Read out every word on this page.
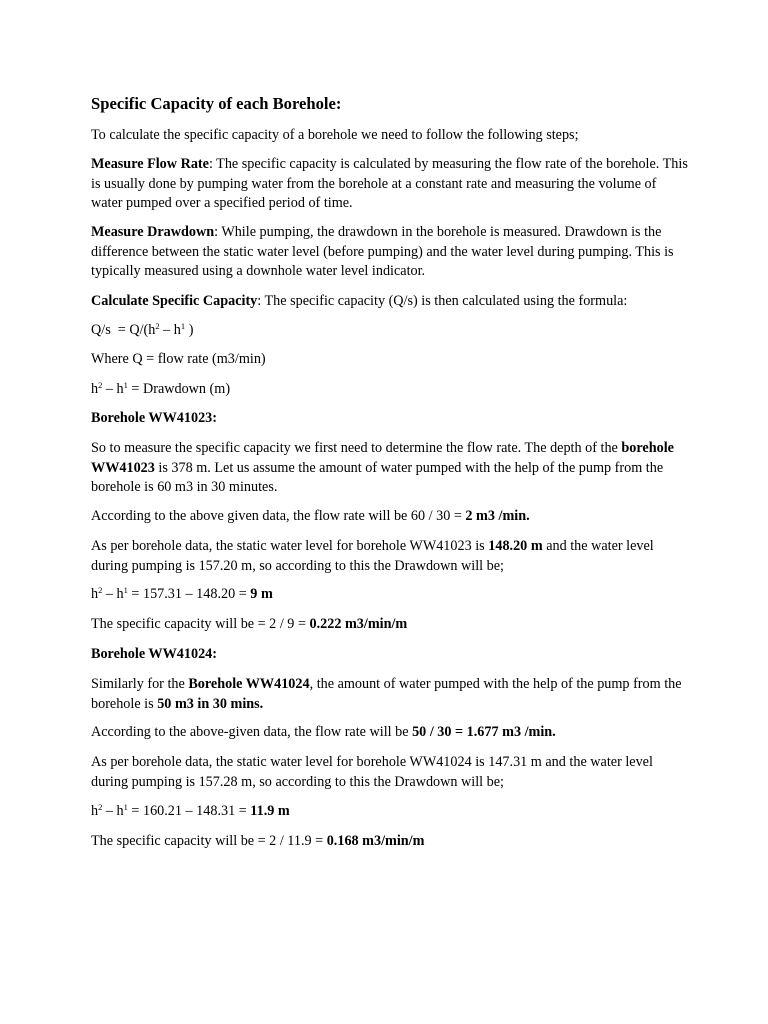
Specific Capacity of each Borehole:

To calculate the specific capacity of a borehole we need to follow the following steps;

Measure Flow Rate: The specific capacity is calculated by measuring the flow rate of the borehole. This is usually done by pumping water from the borehole at a constant rate and measuring the volume of water pumped over a specified period of time.

Measure Drawdown: While pumping, the drawdown in the borehole is measured. Drawdown is the difference between the static water level (before pumping) and the water level during pumping. This is typically measured using a downhole water level indicator.

Calculate Specific Capacity: The specific capacity (Q/s) is then calculated using the formula:

$Q/s = Q/(h^2 - h^1$ )

Where Q = flow rate (m3/min)

$h^2 - h^1$ = Drawdown (m)

Borehole WW41023:

So to measure the specific capacity we first need to determine the flow rate. The depth of the borehole WW41023 is 378 m. Let us assume the amount of water pumped with the help of the pump from the borehole is 60 m3 in 30 minutes.

According to the above given data, the flow rate will be 60 / 30 = 2 m3 /min.

As per borehole data, the static water level for borehole WW41023 is 148.20 m and the water level during pumping is 157.20 m, so according to this the Drawdown will be;

$h^2 - h^1 = 157.31 - 148.20 = 9$ m

The specific capacity will be = 2 / 9 = 0.222 m3/min/m

Borehole WW41024:

Similarly for the Borehole WW41024, the amount of water pumped with the help of the pump from the borehole is 50 m3 in 30 mins.

According to the above-given data, the flow rate will be 50 / 30 = 1.677 m3 /min.

As per borehole data, the static water level for borehole WW41024 is 147.31 m and the water level during pumping is 157.28 m, so according to this the Drawdown will be;

$h^2 - h^1 = 160.21 - 148.31 = 11.9$ m

The specific capacity will be = 2 / 11.9 = 0.168 m3/min/m
